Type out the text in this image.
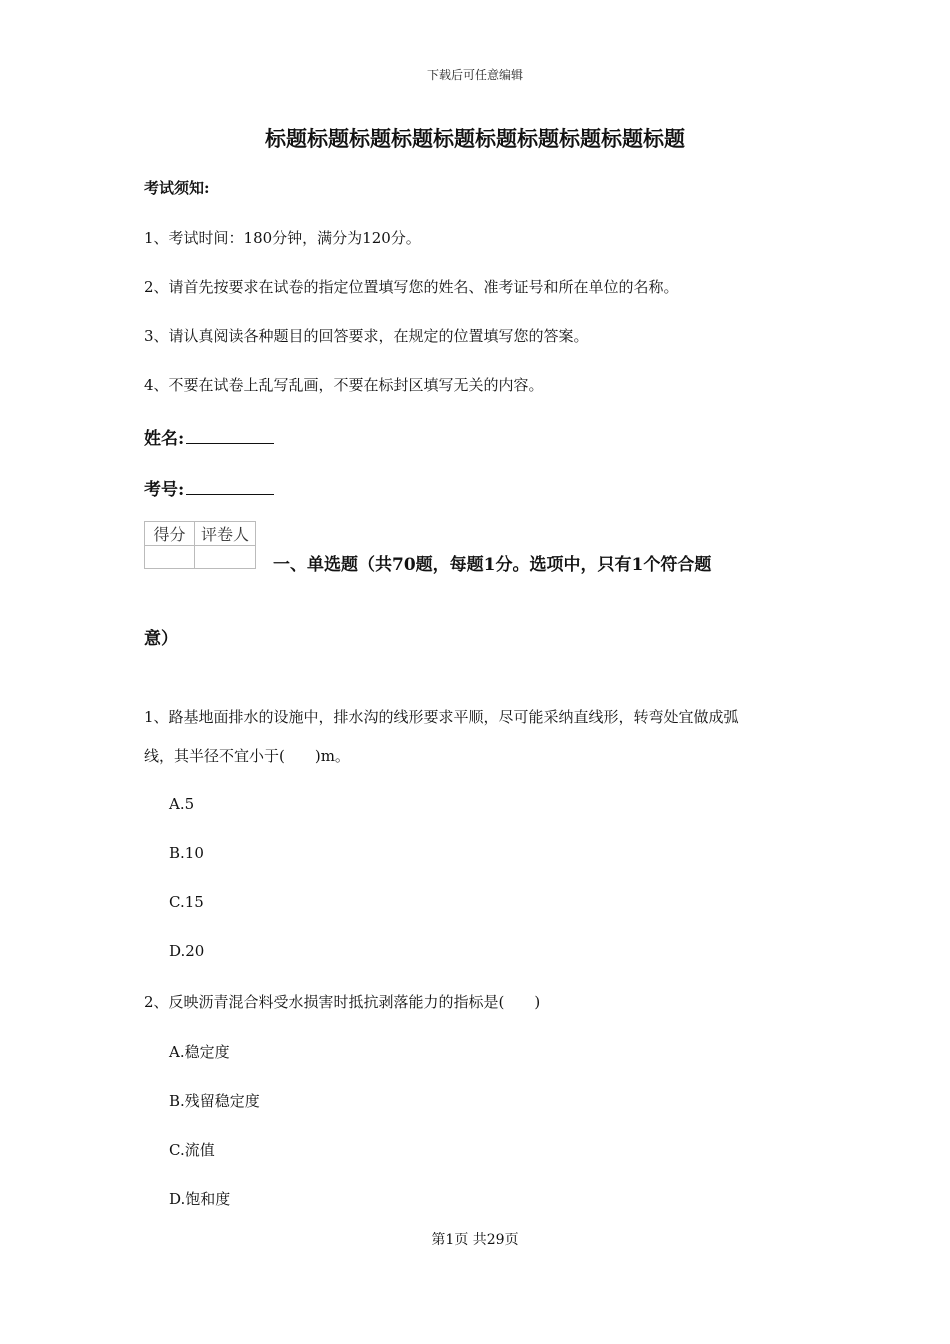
下载后可任意编辑
标题标题标题标题标题标题标题标题标题标题
考试须知:
1、考试时间：180分钟，满分为120分。
2、请首先按要求在试卷的指定位置填写您的姓名、准考证号和所在单位的名称。
3、请认真阅读各种题目的回答要求，在规定的位置填写您的答案。
4、不要在试卷上乱写乱画，不要在标封区填写无关的内容。
姓名:
考号:
得分	评卷人

一、单选题（共70题，每题1分。选项中，只有1个符合题
意）
1、路基地面排水的设施中，排水沟的线形要求平顺，尽可能采纳直线形，转弯处宜做成弧
线，其半径不宜小于(　　)m。
A.5
B.10
C.15
D.20
2、反映沥青混合料受水损害时抵抗剥落能力的指标是(　　)
A.稳定度
B.残留稳定度
C.流值
D.饱和度
第1页 共29页
